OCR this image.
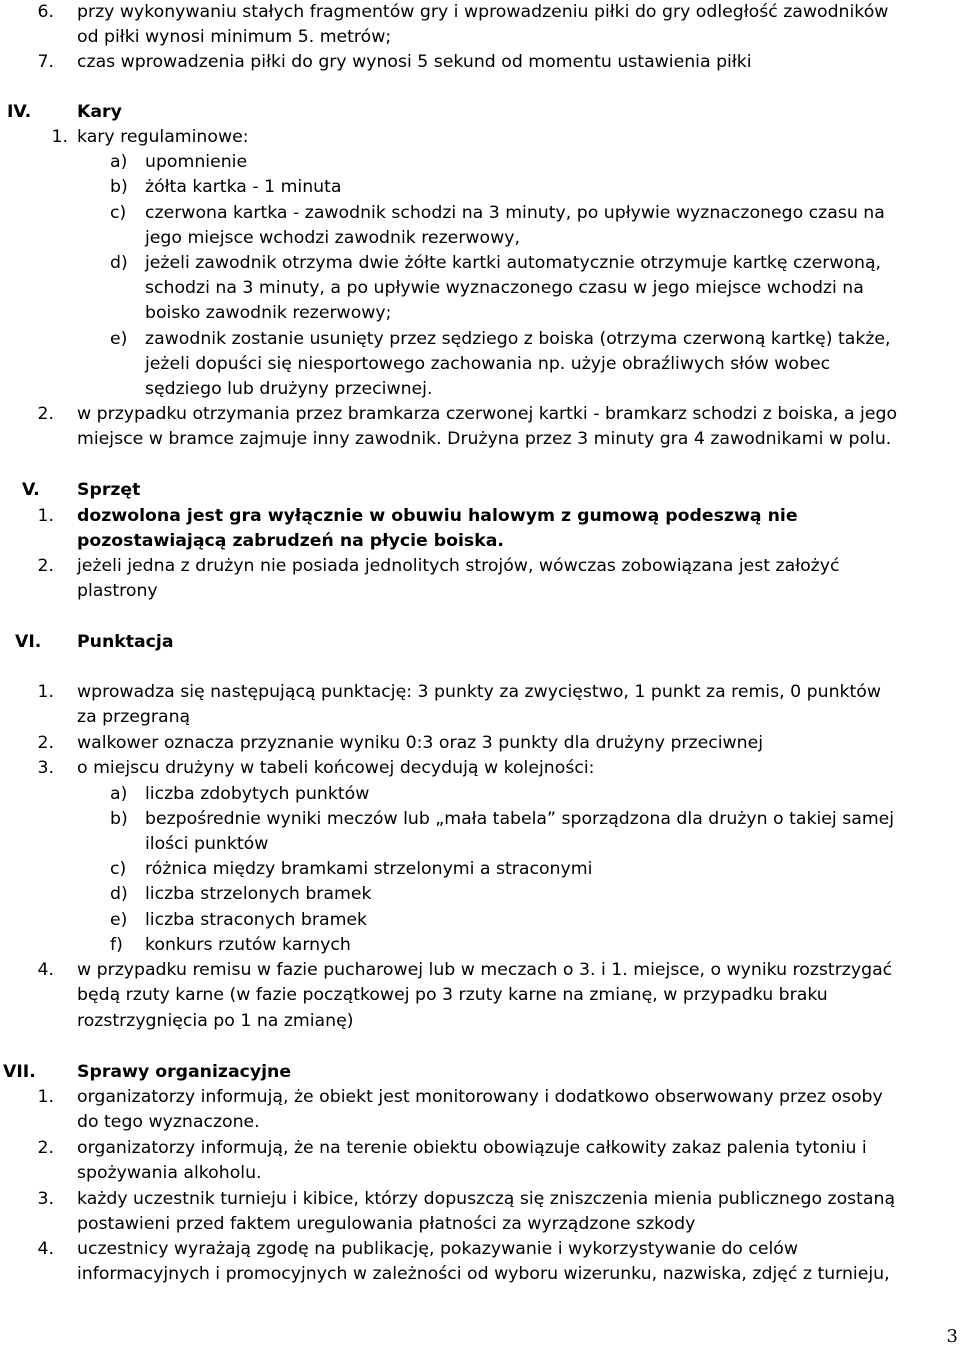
6. przy wykonywaniu stałych fragmentów gry i wprowadzeniu piłki do gry odległość zawodników
od piłki wynosi minimum 5. metrów;
7. czas wprowadzenia piłki do gry wynosi 5 sekund od momentu ustawienia piłki
IV.	Kary
1. kary regulaminowe:
a) upomnienie
b) żółta kartka - 1 minuta
c) czerwona kartka - zawodnik schodzi na 3 minuty, po upływie wyznaczonego czasu na
jego miejsce wchodzi zawodnik rezerwowy,
d) jeżeli zawodnik otrzyma dwie żółte kartki automatycznie otrzymuje kartkę czerwoną,
schodzi na 3 minuty, a po upływie wyznaczonego czasu w jego miejsce wchodzi na
boisko zawodnik rezerwowy;
e) zawodnik zostanie usunięty przez sędziego z boiska (otrzyma czerwoną kartkę) także,
jeżeli dopuści się niesportowego zachowania np. użyje obraźliwych słów wobec
sędziego lub drużyny przeciwnej.
2. w przypadku otrzymania przez bramkarza czerwonej kartki - bramkarz schodzi z boiska, a jego
miejsce w bramce zajmuje inny zawodnik. Drużyna przez 3 minuty gra 4 zawodnikami w polu.
V. Sprzęt
1. dozwolona jest gra wyłącznie w obuwiu halowym z gumową podeszwą nie
pozostawiającą zabrudzeń na płycie boiska.
2. jeżeli jedna z drużyn nie posiada jednolitych strojów, wówczas zobowiązana jest założyć
plastrony
VI. Punktacja
1. wprowadza się następującą punktację: 3 punkty za zwycięstwo, 1 punkt za remis, 0 punktów
za przegraną
2. walkower oznacza przyznanie wyniku 0:3 oraz 3 punkty dla drużyny przeciwnej
3. o miejscu drużyny w tabeli końcowej decydują w kolejności:
a) liczba zdobytych punktów
b) bezpośrednie wyniki meczów lub „mała tabela” sporządzona dla drużyn o takiej samej
ilości punktów
c) różnica między bramkami strzelonymi a straconymi
d) liczba strzelonych bramek
e) liczba straconych bramek
f) konkurs rzutów karnych
4. w przypadku remisu w fazie pucharowej lub w meczach o 3. i 1. miejsce, o wyniku rozstrzygać
będą rzuty karne (w fazie początkowej po 3 rzuty karne na zmianę, w przypadku braku
rozstrzygnięcia po 1 na zmianę)
VII. Sprawy organizacyjne
1. organizatorzy informują, że obiekt jest monitorowany i dodatkowo obserwowany przez osoby
do tego wyznaczone.
2. organizatorzy informują, że na terenie obiektu obowiązuje całkowity zakaz palenia tytoniu i
spożywania alkoholu.
3. każdy uczestnik turnieju i kibice, którzy dopuszczą się zniszczenia mienia publicznego zostaną
postawieni przed faktem uregulowania płatności za wyrządzone szkody
4. uczestnicy wyrażają zgodę na publikację, pokazywanie i wykorzystywanie do celów
informacyjnych i promocyjnych w zależności od wyboru wizerunku, nazwiska, zdjęć z turnieju,
3
